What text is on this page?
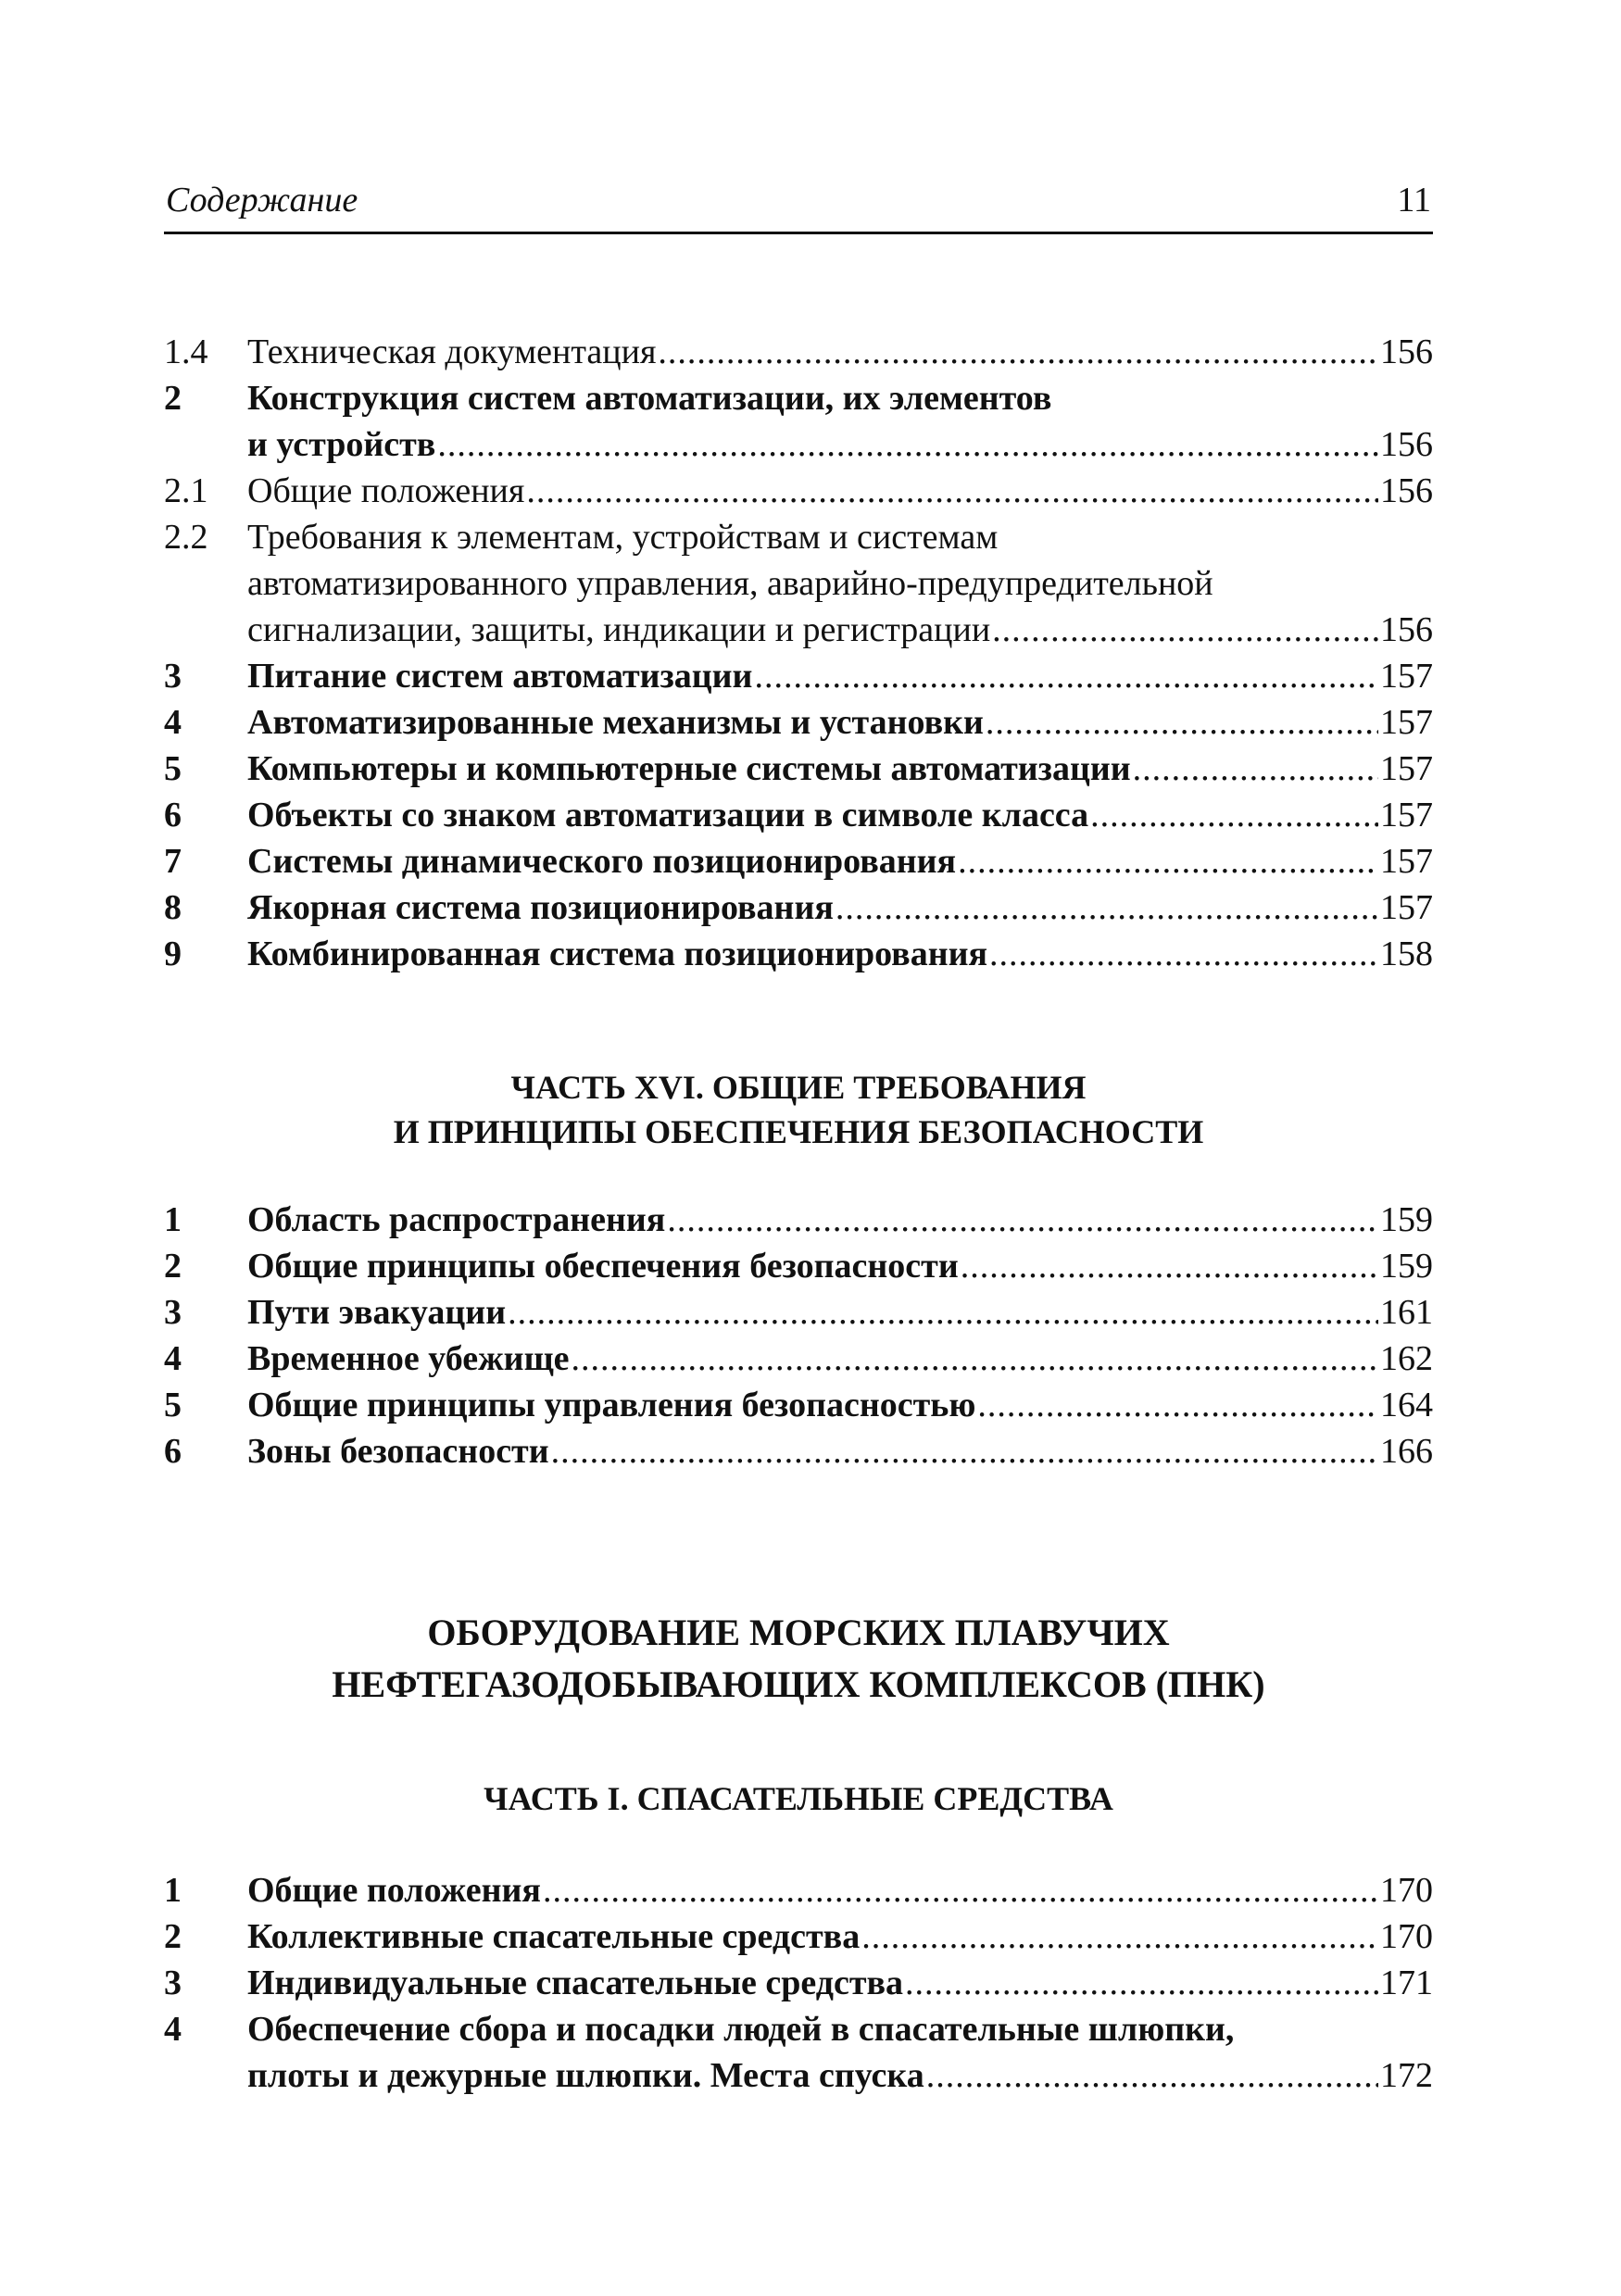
Содержание	11
1.4	Техническая документация .....	156
2	Конструкция систем автоматизации, их элементов
и устройств .....	156
2.1	Общие положения .....	156
2.2	Требования к элементам, устройствам и системам
автоматизированного управления, аварийно-предупредительной
сигнализации, защиты, индикации и регистрации .....	156
3	Питание систем автоматизации .....	157
4	Автоматизированные механизмы и установки .....	157
5	Компьютеры и компьютерные системы автоматизации .....	157
6	Объекты со знаком автоматизации в символе класса .....	157
7	Системы динамического позиционирования .....	157
8	Якорная система позиционирования .....	157
9	Комбинированная система позиционирования .....	158
ЧАСТЬ XVI. ОБЩИЕ ТРЕБОВАНИЯ
И ПРИНЦИПЫ ОБЕСПЕЧЕНИЯ БЕЗОПАСНОСТИ
1	Область распространения .....	159
2	Общие принципы обеспечения безопасности .....	159
3	Пути эвакуации .....	161
4	Временное убежище .....	162
5	Общие принципы управления безопасностью .....	164
6	Зоны безопасности .....	166
ОБОРУДОВАНИЕ МОРСКИХ ПЛАВУЧИХ
НЕФТЕГАЗОДОБЫВАЮЩИХ КОМПЛЕКСОВ (ПНК)
ЧАСТЬ I. СПАСАТЕЛЬНЫЕ СРЕДСТВА
1	Общие положения .....	170
2	Коллективные спасательные средства .....	170
3	Индивидуальные спасательные средства .....	171
4	Обеспечение сбора и посадки людей в спасательные шлюпки,
плоты и дежурные шлюпки. Места спуска .....	172
